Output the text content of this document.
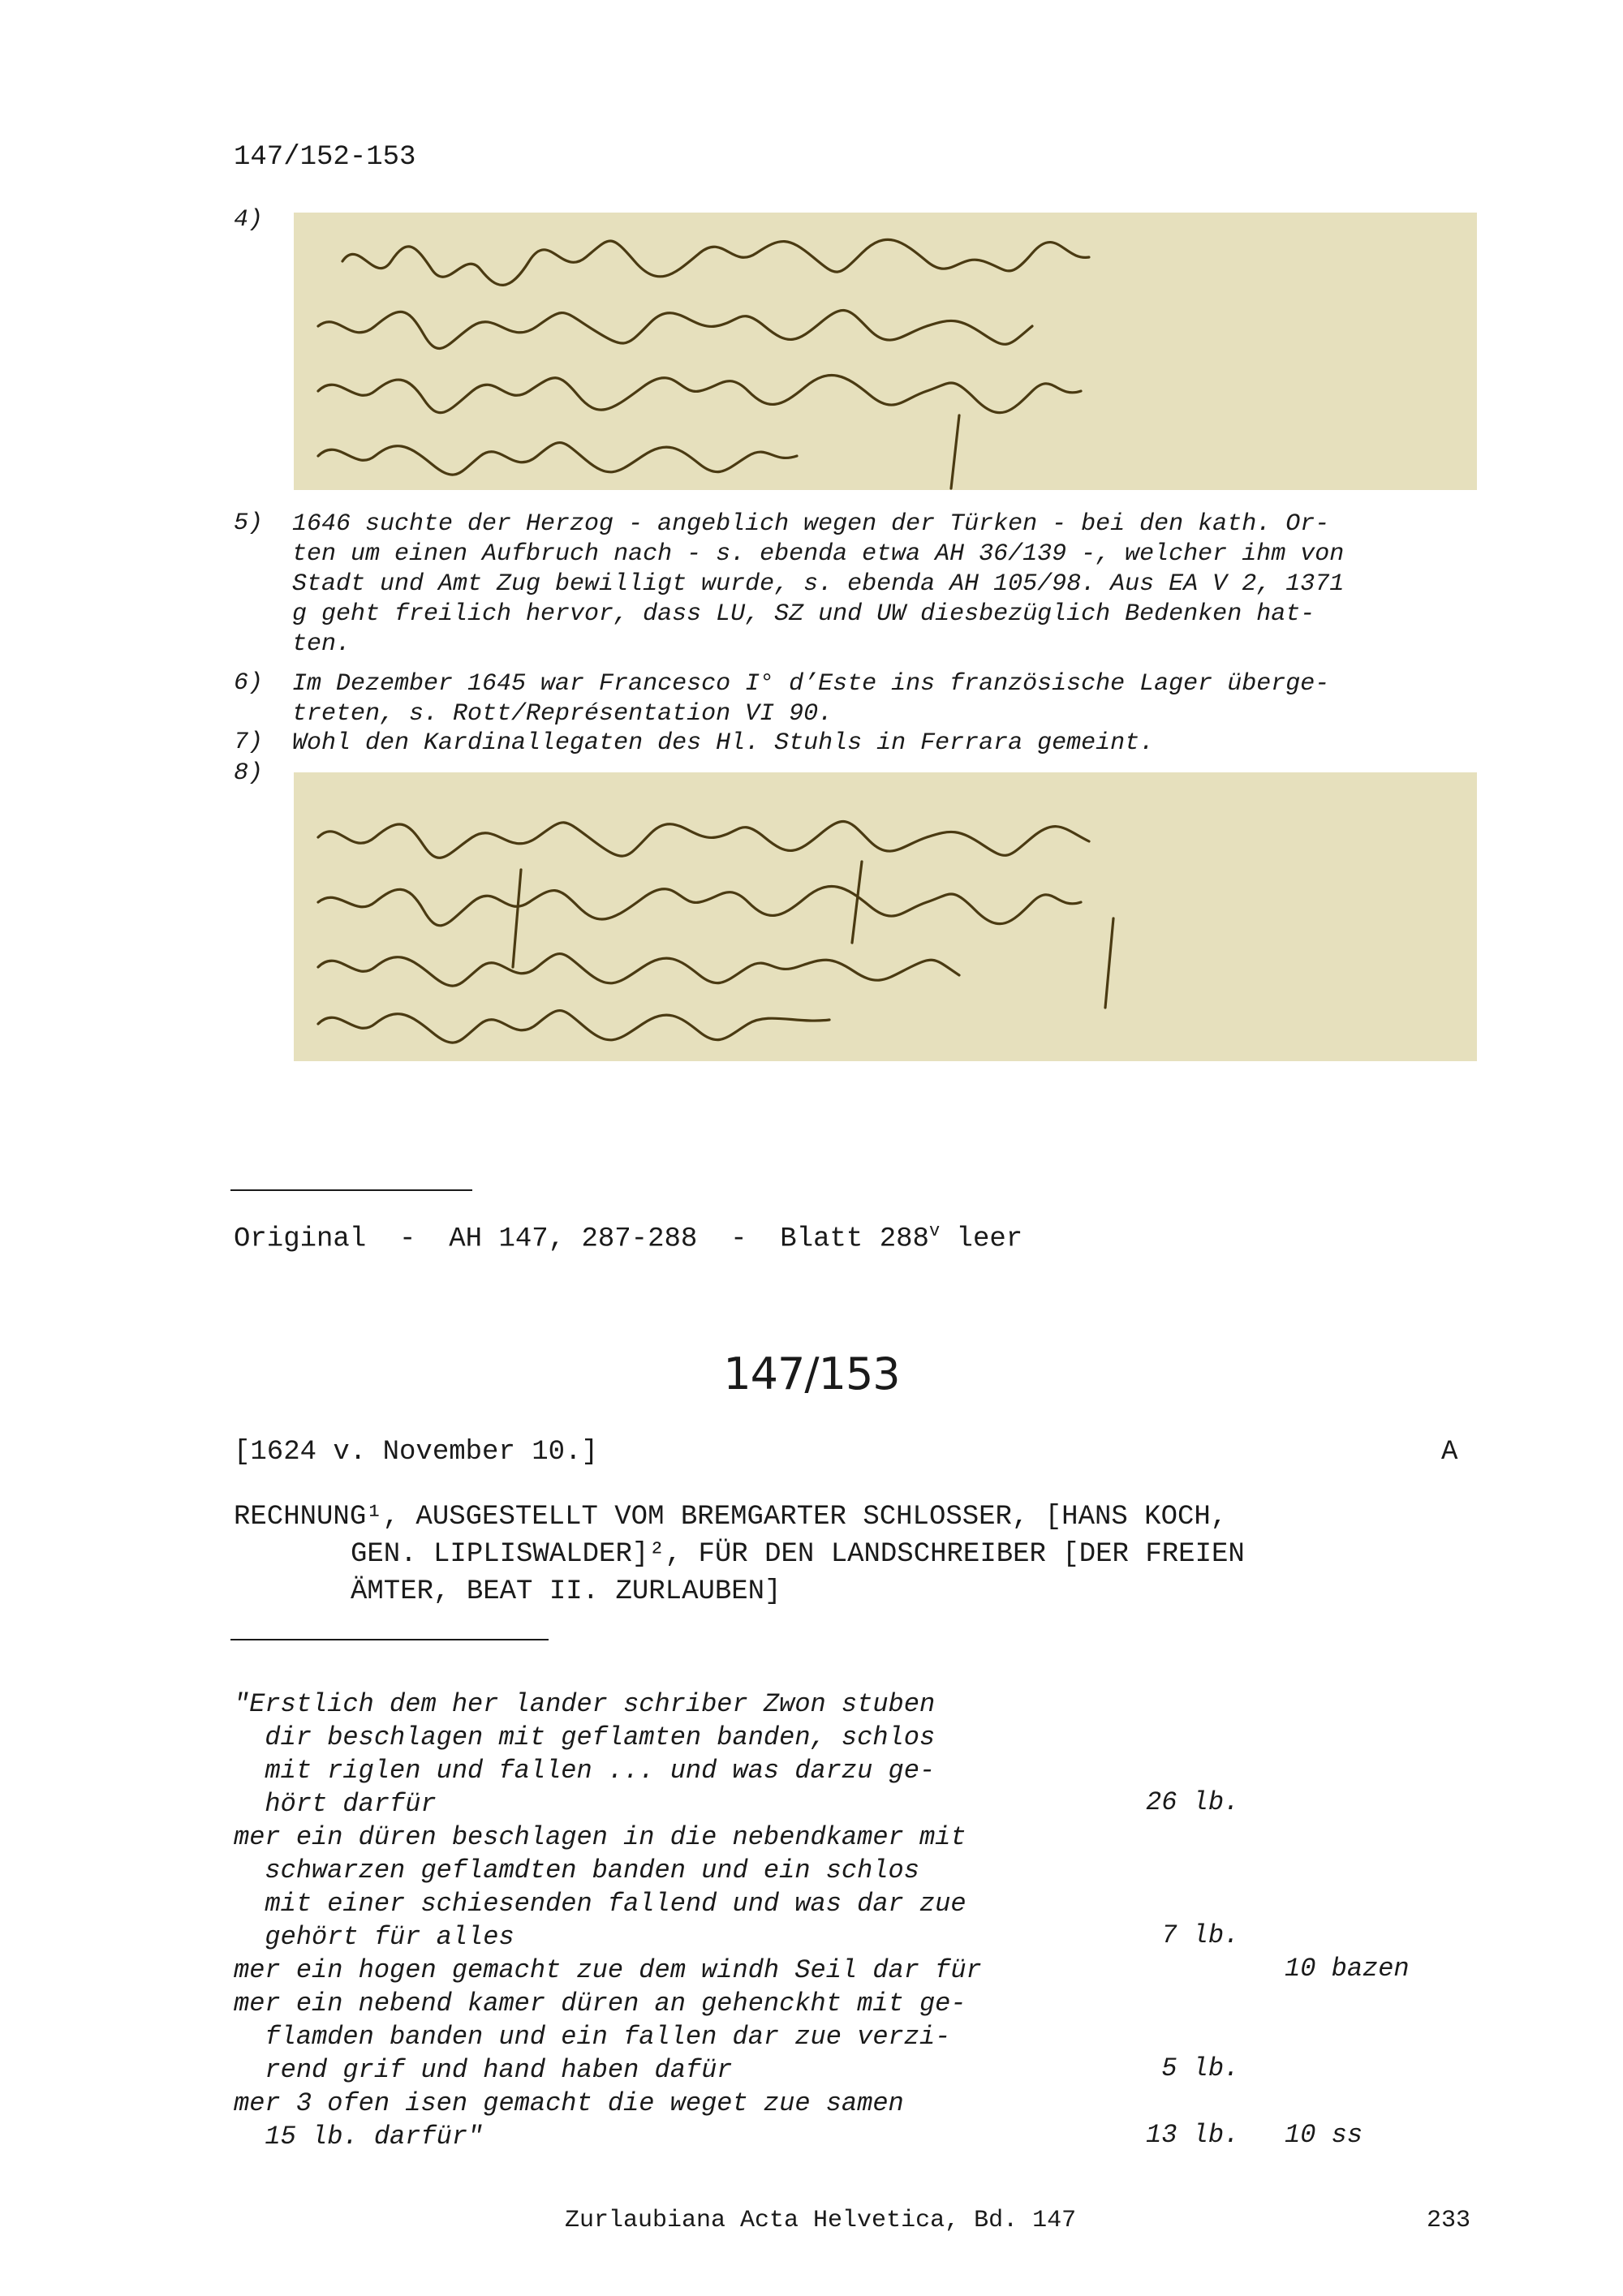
147/152-153
4)
5)	1646 suchte der Herzog - angeblich wegen der Türken - bei den kath. Or-
ten um einen Aufbruch nach - s. ebenda etwa AH 36/139 -, welcher ihm von
Stadt und Amt Zug bewilligt wurde, s. ebenda AH 105/98. Aus EA V 2, 1371
g geht freilich hervor, dass LU, SZ und UW diesbezüglich Bedenken hat-
ten.
6)	Im Dezember 1645 war Francesco I° d’Este ins französische Lager überge-
treten, s. Rott/Représentation VI 90.
7)	Wohl den Kardinallegaten des Hl. Stuhls in Ferrara gemeint.
8)
Original  -  AH 147, 287-288  -  Blatt 288$^v$ leer
147/153
[1624 v. November 10.]	A
RECHNUNG¹, AUSGESTELLT VOM BREMGARTER SCHLOSSER, [HANS KOCH,
GEN. LIPLISWALDER]², FÜR DEN LANDSCHREIBER [DER FREIEN
ÄMTER, BEAT II. ZURLAUBEN]
"Erstlich dem her lander schriber Zwon stuben
dir beschlagen mit geflamten banden, schlos
mit riglen und fallen ... und was darzu ge-
hört darfür	26 lb.
mer ein düren beschlagen in die nebendkamer mit
schwarzen geflamdten banden und ein schlos
mit einer schiesenden fallend und was dar zue
gehört für alles	7 lb.
mer ein hogen gemacht zue dem windh Seil dar für	10 bazen
mer ein nebend kamer düren an gehenckht mit ge-
flamden banden und ein fallen dar zue verzi-
rend grif und hand haben dafür	5 lb.
mer 3 ofen isen gemacht die weget zue samen
15 lb. darfür"	13 lb. 10 ss
Zurlaubiana Acta Helvetica, Bd. 147	233
